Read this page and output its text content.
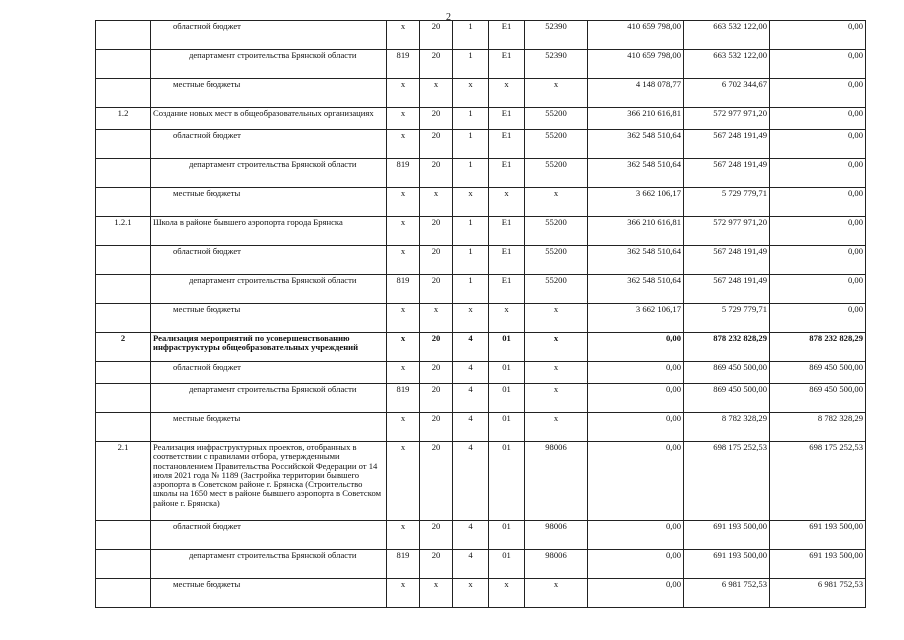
2
	областной бюджет	х	20	1	Е1	52390	410 659 798,00	663 532 122,00	0,00
	департамент строительства Брянской области	819	20	1	Е1	52390	410 659 798,00	663 532 122,00	0,00
	местные бюджеты	х	х	х	х	х	4 148 078,77	6 702 344,67	0,00
1.2	Создание новых мест в общеобразовательных организациях	х	20	1	Е1	55200	366 210 616,81	572 977 971,20	0,00
	областной бюджет	х	20	1	Е1	55200	362 548 510,64	567 248 191,49	0,00
	департамент строительства Брянской области	819	20	1	Е1	55200	362 548 510,64	567 248 191,49	0,00
	местные бюджеты	х	х	х	х	х	3 662 106,17	5 729 779,71	0,00
1.2.1	Школа в районе бывшего аэропорта города Брянска	х	20	1	Е1	55200	366 210 616,81	572 977 971,20	0,00
	областной бюджет	х	20	1	Е1	55200	362 548 510,64	567 248 191,49	0,00
	департамент строительства Брянской области	819	20	1	Е1	55200	362 548 510,64	567 248 191,49	0,00
	местные бюджеты	х	х	х	х	х	3 662 106,17	5 729 779,71	0,00
2	Реализация мероприятий по усовершенствованию инфраструктуры общеобразовательных учреждений	х	20	4	01	х	0,00	878 232 828,29	878 232 828,29
	областной бюджет	х	20	4	01	х	0,00	869 450 500,00	869 450 500,00
	департамент строительства Брянской области	819	20	4	01	х	0,00	869 450 500,00	869 450 500,00
	местные бюджеты	х	20	4	01	х	0,00	8 782 328,29	8 782 328,29
2.1	Реализация инфраструктурных проектов, отобранных в соответствии с правилами отбора, утвержденными постановлением Правительства Российской Федерации от 14 июля 2021 года № 1189 (Застройка территории бывшего аэропорта в Советском районе г. Брянска (Строительство школы на 1650 мест в районе бывшего аэропорта в Советском районе г. Брянска)	х	20	4	01	98006	0,00	698 175 252,53	698 175 252,53
	областной бюджет	х	20	4	01	98006	0,00	691 193 500,00	691 193 500,00
	департамент строительства Брянской области	819	20	4	01	98006	0,00	691 193 500,00	691 193 500,00
	местные бюджеты	х	х	х	х	х	0,00	6 981 752,53	6 981 752,53
